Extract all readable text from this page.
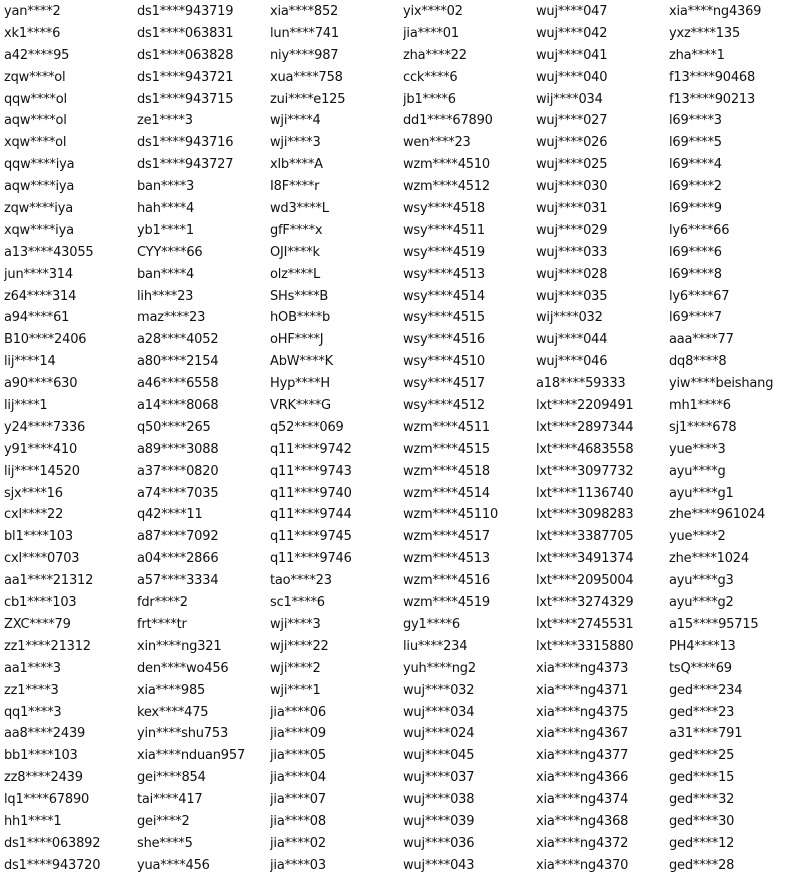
yan****2
xk1****6
a42****95
zqw****ol
qqw****ol
aqw****ol
xqw****ol
qqw****iya
aqw****iya
zqw****iya
xqw****iya
a13****43055
jun****314
z64****314
a94****61
B10****2406
lij****14
a90****630
lij****1
y24****7336
y91****410
lij****14520
sjx****16
cxl****22
bl1****103
cxl****0703
aa1****21312
cb1****103
ZXC****79
zz1****21312
aa1****3
zz1****3
qq1****3
aa8****2439
bb1****103
zz8****2439
lq1****67890
hh1****1
ds1****063892
ds1****943720
ds1****943719
ds1****063831
ds1****063828
ds1****943721
ds1****943715
ze1****3
ds1****943716
ds1****943727
ban****3
hah****4
yb1****1
CYY****66
ban****4
lih****23
maz****23
a28****4052
a80****2154
a46****6558
a14****8068
q50****265
a89****3088
a37****0820
a74****7035
q42****11
a87****7092
a04****2866
a57****3334
fdr****2
frt****tr
xin****ng321
den****wo456
xia****985
kex****475
yin****shu753
xia****nduan957
gei****854
tai****417
gei****2
she****5
yua****456
xia****852
lun****741
niy****987
xua****758
zui****e125
wji****4
wji****3
xlb****A
I8F****r
wd3****L
gfF****x
OJI****k
olz****L
SHs****B
hOB****b
oHF****J
AbW****K
Hyp****H
VRK****G
q52****069
q11****9742
q11****9743
q11****9740
q11****9744
q11****9745
q11****9746
tao****23
sc1****6
wji****3
wji****22
wji****2
wji****1
jia****06
jia****09
jia****05
jia****04
jia****07
jia****08
jia****02
jia****03
yix****02
jia****01
zha****22
cck****6
jb1****6
dd1****67890
wen****23
wzm****4510
wzm****4512
wsy****4518
wsy****4511
wsy****4519
wsy****4513
wsy****4514
wsy****4515
wsy****4516
wsy****4510
wsy****4517
wsy****4512
wzm****4511
wzm****4515
wzm****4518
wzm****4514
wzm****45110
wzm****4517
wzm****4513
wzm****4516
wzm****4519
gy1****6
liu****234
yuh****ng2
wuj****032
wuj****034
wuj****024
wuj****045
wuj****037
wuj****038
wuj****039
wuj****036
wuj****043
wuj****047
wuj****042
wuj****041
wuj****040
wij****034
wuj****027
wuj****026
wuj****025
wuj****030
wuj****031
wuj****029
wuj****033
wuj****028
wuj****035
wij****032
wuj****044
wuj****046
a18****59333
lxt****2209491
lxt****2897344
lxt****4683558
lxt****3097732
lxt****1136740
lxt****3098283
lxt****3387705
lxt****3491374
lxt****2095004
lxt****3274329
lxt****2745531
lxt****3315880
xia****ng4373
xia****ng4371
xia****ng4375
xia****ng4367
xia****ng4377
xia****ng4366
xia****ng4374
xia****ng4368
xia****ng4372
xia****ng4370
xia****ng4369
yxz****135
zha****1
f13****90468
f13****90213
l69****3
l69****5
l69****4
l69****2
l69****9
ly6****66
l69****6
l69****8
ly6****67
l69****7
aaa****77
dq8****8
yiw****beishang
mh1****6
sj1****678
yue****3
ayu****g
ayu****g1
zhe****961024
yue****2
zhe****1024
ayu****g3
ayu****g2
a15****95715
PH4****13
tsQ****69
ged****234
ged****23
a31****791
ged****25
ged****15
ged****32
ged****30
ged****12
ged****28
